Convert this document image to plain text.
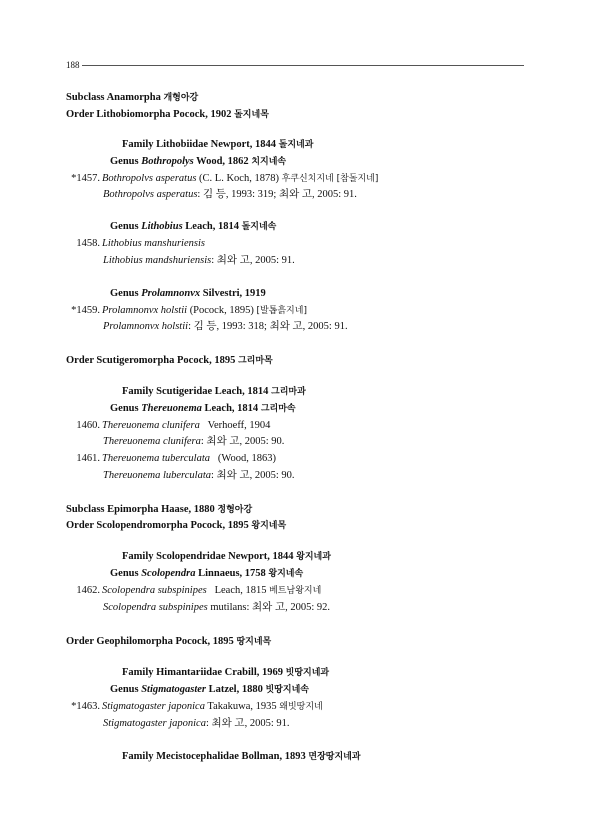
188
Subclass Anamorpha 개형아강
Order Lithobiomorpha Pocock, 1902 돌지네목
Family Lithobiidae Newport, 1844 돌지네과
Genus Bothropolys Wood, 1862 치지네속
*1457. Bothropolvs asperatus (C. L. Koch, 1878) 후쿠신치지네 [참돌지네]
Bothropolvs asperatus: 김 등, 1993: 319; 최와 고, 2005: 91.
Genus Lithobius Leach, 1814 돌지네속
1458. Lithobius manshuriensis
Lithobius mandshuriensis: 최와 고, 2005: 91.
Genus Prolamnonvx Silvestri, 1919
*1459. Prolamnonvx holstii (Pocock, 1895) [발톱흙지네]
Prolamnonvx holstii: 김 등, 1993: 318; 최와 고, 2005: 91.
Order Scutigeromorpha Pocock, 1895 그리마목
Family Scutigeridae Leach, 1814 그리마과
Genus Thereuonema Leach, 1814 그리마속
1460. Thereuonema clunifera Verhoeff, 1904
Thereuonema clunifera: 최와 고, 2005: 90.
1461. Thereuonema tuberculata (Wood, 1863)
Thereuonema luberculata: 최와 고, 2005: 90.
Subclass Epimorpha Haase, 1880 정형아강
Order Scolopendromorpha Pocock, 1895 왕지네목
Family Scolopendridae Newport, 1844 왕지네과
Genus Scolopendra Linnaeus, 1758 왕지네속
1462. Scolopendra subspinipes Leach, 1815 베트남왕지네
Scolopendra subspinipes mutilans: 최와 고, 2005: 92.
Order Geophilomorpha Pocock, 1895 땅지네목
Family Himantariidae Crabill, 1969 빗땅지네과
Genus Stigmatogaster Latzel, 1880 빗땅지네속
*1463. Stigmatogaster japonica Takakuwa, 1935 왜빗땅지네
Stigmatogaster japonica: 최와 고, 2005: 91.
Family Mecistocephalidae Bollman, 1893 면장땅지네과
